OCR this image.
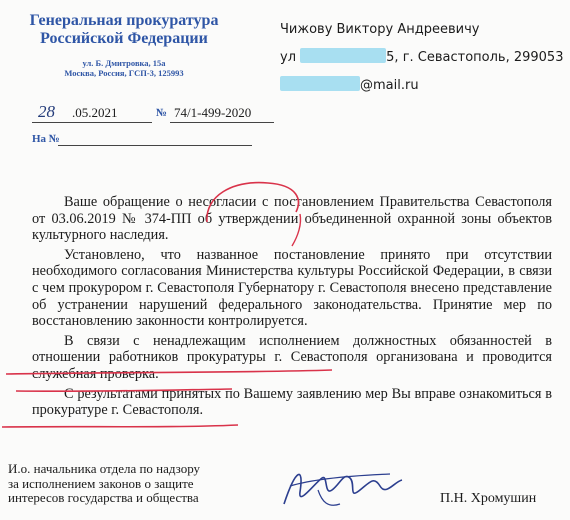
Генеральная прокуратура
Российской Федерации
ул. Б. Дмитровка, 15а
Москва, Россия, ГСП-3, 125993
Чижову Виктору Андреевичу
ул	5, г. Севастополь, 299053
@mail.ru
28 .05.2021	№ 74/1-499-2020
На №

Ваше обращение о несогласии с постановлением Правительства Севастополя от 03.06.2019 № 374-ПП об утверждении объединенной охранной зоны объектов культурного наследия.

Установлено, что названное постановление принято при отсутствии необходимого согласования Министерства культуры Российской Федерации, в связи с чем прокурором г. Севастополя Губернатору г. Севастополя внесено представление об устранении нарушений федерального законодательства. Принятие мер по восстановлению законности контролируется.

В связи с ненадлежащим исполнением должностных обязанностей в отношении работников прокуратуры г. Севастополя организована и проводится служебная проверка.

С результатами принятых по Вашему заявлению мер Вы вправе ознакомиться в прокуратуре г. Севастополя.

И.о. начальника отдела по надзору
за исполнением законов о защите
интересов государства и общества	П.Н. Хромушин
